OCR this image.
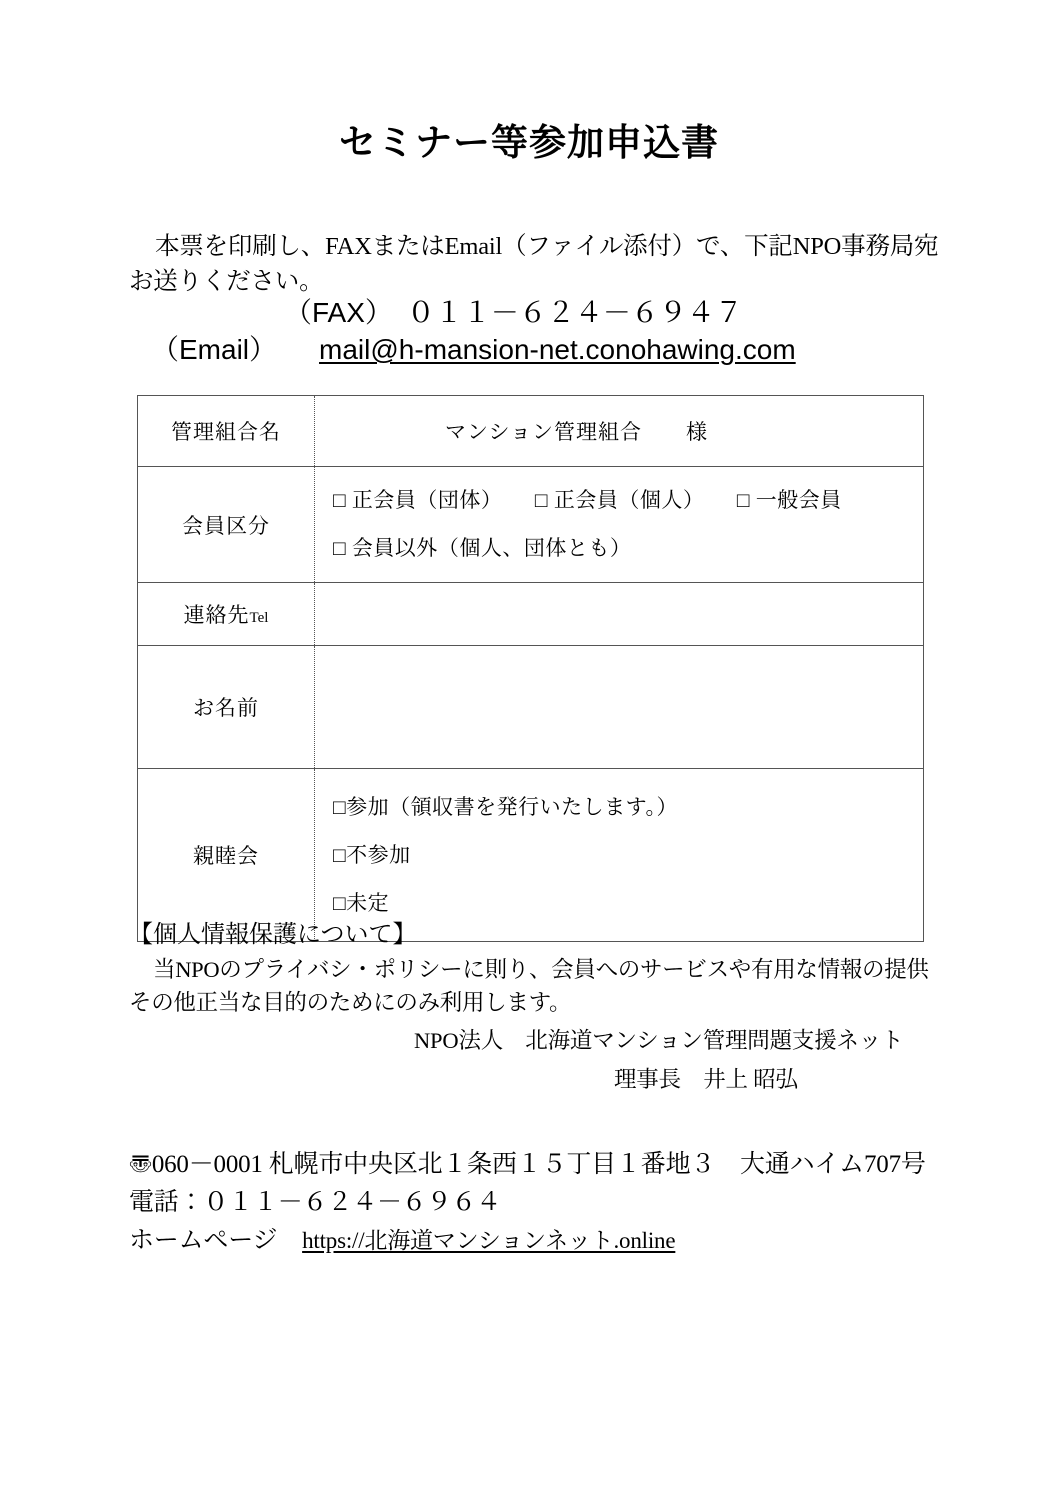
セミナー等参加申込書
本票を印刷し、FAXまたはEmail（ファイル添付）で、下記NPO事務局宛お送りください。
（FAX）　０１１－６２４－６９４７
（Email）　　 mail@h-mansion-net.conohawing.com
管理組合名	マンション管理組合　　様

会員区分	□ 正会員（団体）　　□ 正会員（個人）　　□ 一般会員
□ 会員以外（個人、団体とも）

連絡先Tel	
お名前	
親睦会	□参加（領収書を発行いたします。）
□不参加
□未定
【個人情報保護について】
当NPOのプライバシ・ポリシーに則り、会員へのサービスや有用な情報の提供その他正当な目的のためにのみ利用します。
NPO法人　北海道マンション管理問題支援ネット
理事長　井上 昭弘
〠060－0001 札幌市中央区北１条西１５丁目１番地３　大通ハイム707号
電話：０１１－６２４－６９６４
ホームページ　https://北海道マンションネット.online
